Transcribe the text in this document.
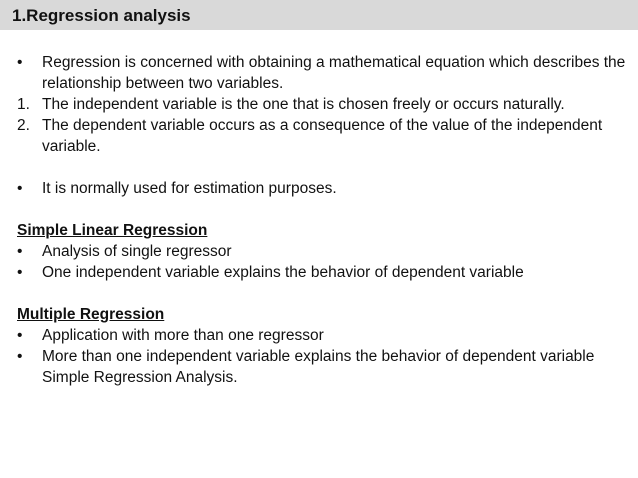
1.Regression analysis
•	Regression is concerned with obtaining a mathematical equation which describes the relationship between two variables.
1. The independent variable is the one that is chosen freely or occurs naturally.
2. The dependent variable occurs as a consequence of the value of the independent variable.
•	It is normally used for estimation purposes.
Simple Linear Regression
•	Analysis of single regressor
•	One independent variable explains the behavior of dependent variable
Multiple Regression
•	Application with more than one regressor
•	More than one independent variable explains the behavior of dependent variable Simple Regression Analysis.
